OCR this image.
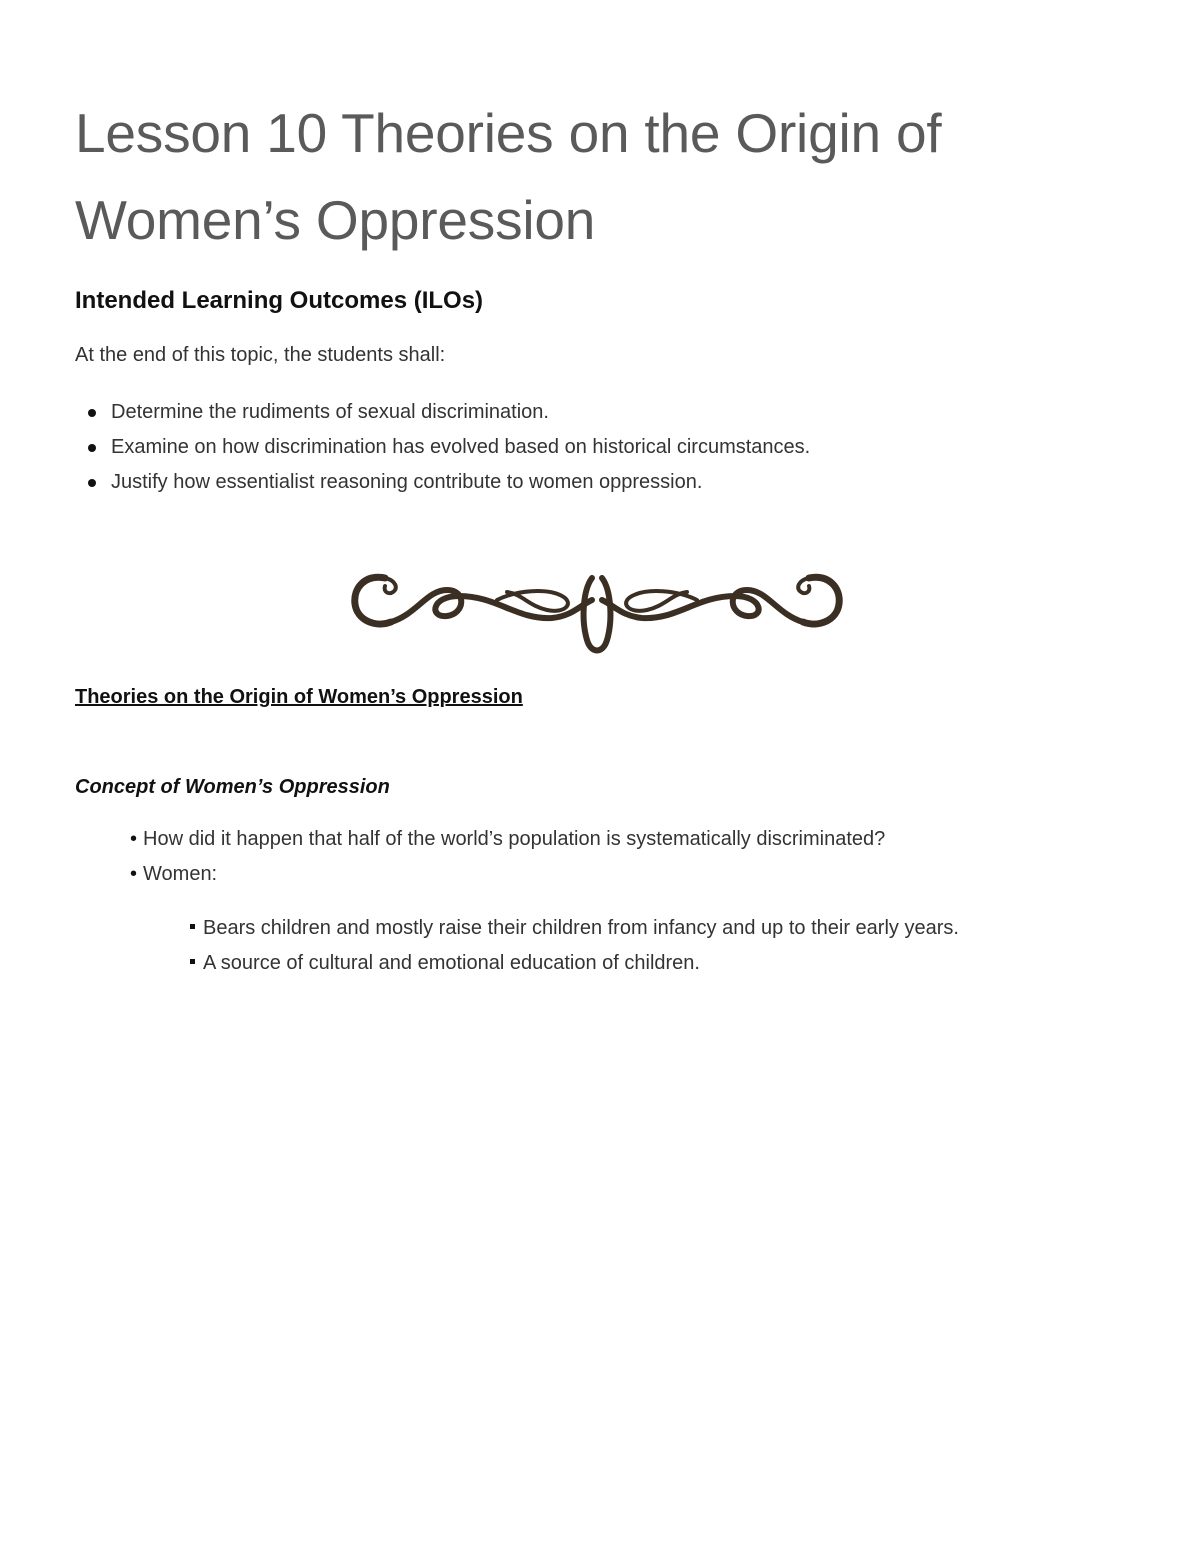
Lesson 10 Theories on the Origin of Women’s Oppression
Intended Learning Outcomes (ILOs)

At the end of this topic, the students shall:

Determine the rudiments of sexual discrimination.
Examine on how discrimination has evolved based on historical circumstances.
Justify how essentialist reasoning contribute to women oppression.
Theories on the Origin of Women’s Oppression
Concept of Women’s Oppression
• How did it happen that half of the world’s population is systematically discriminated?
• Women:
Bears children and mostly raise their children from infancy and up to their early years.
A source of cultural and emotional education of children.
